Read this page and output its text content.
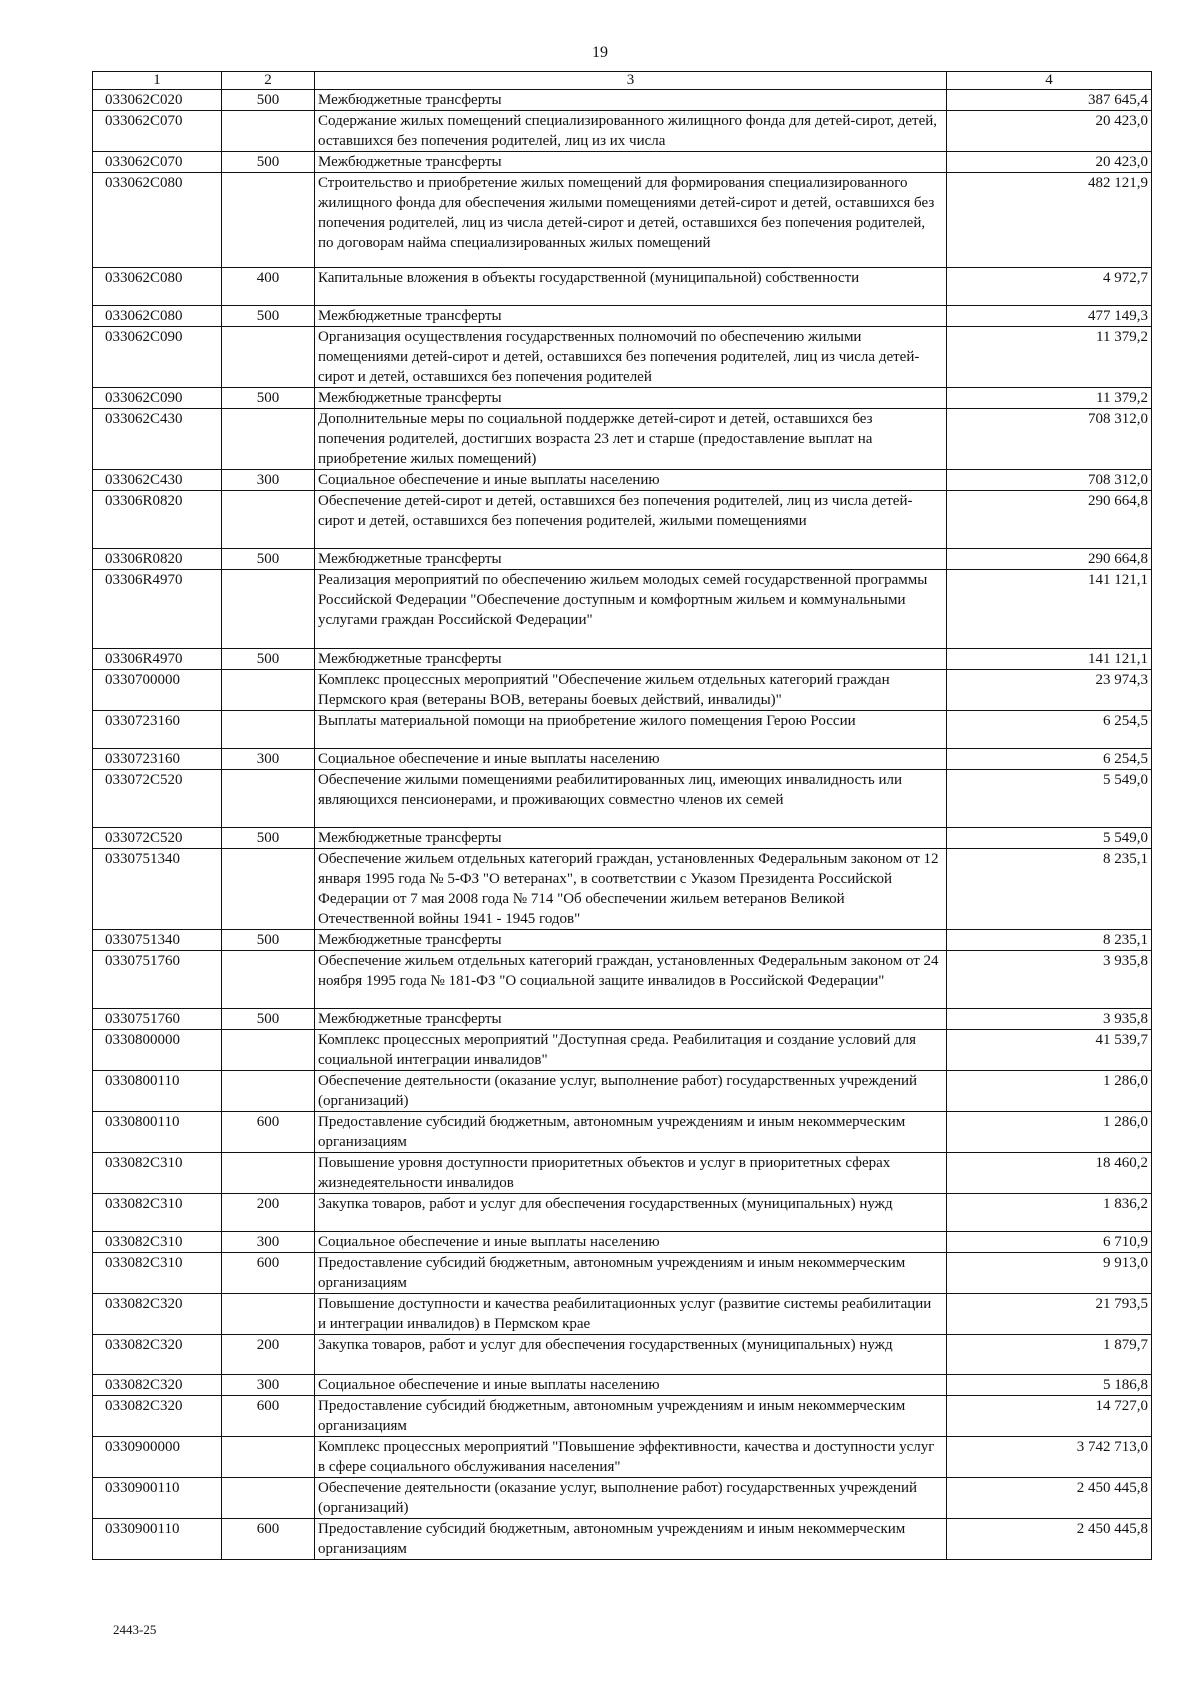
19
1	2	3	4
033062С020	500	Межбюджетные трансферты	387 645,4
033062С070		Содержание жилых помещений специализированного жилищного фонда для детей-сирот, детей, оставшихся без попечения родителей, лиц из их числа	20 423,0
033062С070	500	Межбюджетные трансферты	20 423,0
033062С080		Строительство и приобретение жилых помещений для формирования специализированного жилищного фонда для обеспечения жилыми помещениями детей-сирот и детей, оставшихся без попечения родителей, лиц из числа детей-сирот и детей, оставшихся без попечения родителей, по договорам найма специализированных жилых помещений	482 121,9
033062С080	400	Капитальные вложения в объекты государственной (муниципальной) собственности	4 972,7
033062С080	500	Межбюджетные трансферты	477 149,3
033062С090		Организация осуществления государственных полномочий по обеспечению жилыми помещениями детей-сирот и детей, оставшихся без попечения родителей, лиц из числа детей-сирот и детей, оставшихся без попечения родителей	11 379,2
033062С090	500	Межбюджетные трансферты	11 379,2
033062С430		Дополнительные меры по социальной поддержке детей-сирот и детей, оставшихся без попечения родителей, достигших возраста 23 лет и старше (предоставление выплат на приобретение жилых помещений)	708 312,0
033062С430	300	Социальное обеспечение и иные выплаты населению	708 312,0
03306R0820		Обеспечение детей-сирот и детей, оставшихся без попечения родителей, лиц из числа детей-сирот и детей, оставшихся без попечения родителей, жилыми помещениями	290 664,8
03306R0820	500	Межбюджетные трансферты	290 664,8
03306R4970		Реализация мероприятий по обеспечению жильем молодых семей государственной программы Российской Федерации "Обеспечение доступным и комфортным жильем и коммунальными услугами граждан Российской Федерации"	141 121,1
03306R4970	500	Межбюджетные трансферты	141 121,1
0330700000		Комплекс процессных мероприятий "Обеспечение жильем отдельных категорий граждан Пермского края (ветераны ВОВ, ветераны боевых действий, инвалиды)"	23 974,3
0330723160		Выплаты материальной помощи на приобретение жилого помещения Герою России	6 254,5
0330723160	300	Социальное обеспечение и иные выплаты населению	6 254,5
033072С520		Обеспечение жилыми помещениями реабилитированных лиц, имеющих инвалидность или являющихся пенсионерами, и проживающих совместно членов их семей	5 549,0
033072С520	500	Межбюджетные трансферты	5 549,0
0330751340		Обеспечение жильем отдельных категорий граждан, установленных Федеральным законом от 12 января 1995 года № 5-ФЗ "О ветеранах", в соответствии с Указом Президента Российской Федерации от 7 мая 2008 года № 714 "Об обеспечении жильем ветеранов Великой Отечественной войны 1941 - 1945 годов"	8 235,1
0330751340	500	Межбюджетные трансферты	8 235,1
0330751760		Обеспечение жильем отдельных категорий граждан, установленных Федеральным законом от 24 ноября 1995 года № 181-ФЗ "О социальной защите инвалидов в Российской Федерации"	3 935,8
0330751760	500	Межбюджетные трансферты	3 935,8
0330800000		Комплекс процессных мероприятий "Доступная среда. Реабилитация и создание условий для социальной интеграции инвалидов"	41 539,7
0330800110		Обеспечение деятельности (оказание услуг, выполнение работ) государственных учреждений (организаций)	1 286,0
0330800110	600	Предоставление субсидий бюджетным, автономным учреждениям и иным некоммерческим организациям	1 286,0
033082С310		Повышение уровня доступности приоритетных объектов и услуг в приоритетных сферах жизнедеятельности инвалидов	18 460,2
033082С310	200	Закупка товаров, работ и услуг для обеспечения государственных (муниципальных) нужд	1 836,2
033082С310	300	Социальное обеспечение и иные выплаты населению	6 710,9
033082С310	600	Предоставление субсидий бюджетным, автономным учреждениям и иным некоммерческим организациям	9 913,0
033082С320		Повышение доступности и качества реабилитационных услуг (развитие системы реабилитации и интеграции инвалидов) в Пермском крае	21 793,5
033082С320	200	Закупка товаров, работ и услуг для обеспечения государственных (муниципальных) нужд	1 879,7
033082С320	300	Социальное обеспечение и иные выплаты населению	5 186,8
033082С320	600	Предоставление субсидий бюджетным, автономным учреждениям и иным некоммерческим организациям	14 727,0
0330900000		Комплекс процессных мероприятий "Повышение эффективности, качества и доступности услуг в сфере социального обслуживания населения"	3 742 713,0
0330900110		Обеспечение деятельности (оказание услуг, выполнение работ) государственных учреждений (организаций)	2 450 445,8
0330900110	600	Предоставление субсидий бюджетным, автономным учреждениям и иным некоммерческим организациям	2 450 445,8
2443-25
